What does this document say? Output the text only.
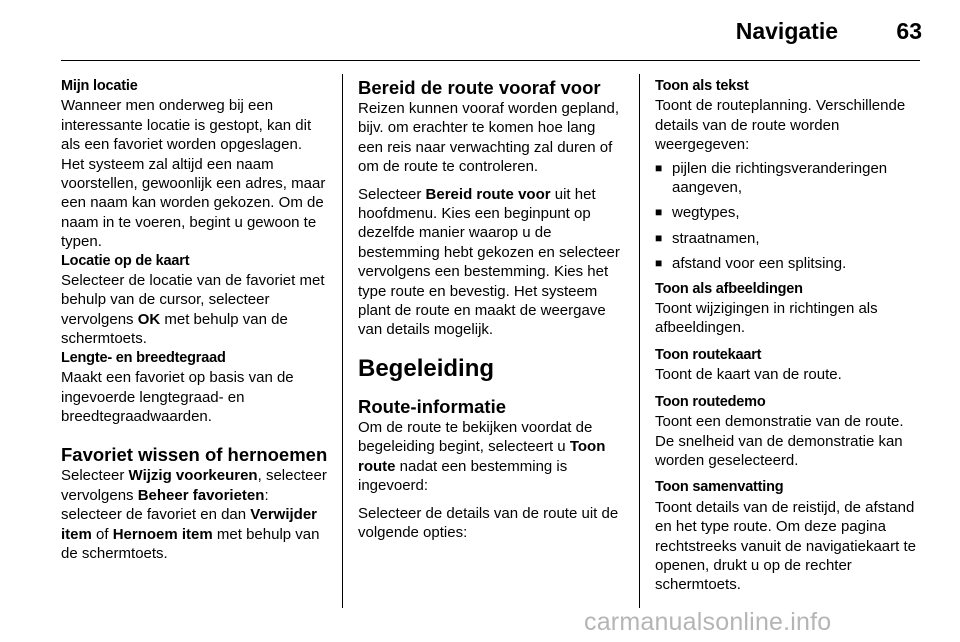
Navigatie	63
Mijn locatie

Wanneer men onderweg bij een interessante locatie is gestopt, kan dit als een favoriet worden opgeslagen. Het systeem zal altijd een naam voorstellen, gewoonlijk een adres, maar een naam kan worden gekozen. Om de naam in te voeren, begint u gewoon te typen.

Locatie op de kaart

Selecteer de locatie van de favoriet met behulp van de cursor, selecteer vervolgens OK met behulp van de schermtoets.

Lengte- en breedtegraad

Maakt een favoriet op basis van de ingevoerde lengtegraad- en breedtegraadwaarden.

Favoriet wissen of hernoemen

Selecteer Wijzig voorkeuren, selecteer vervolgens Beheer favorieten: selecteer de favoriet en dan Verwijder item of Hernoem item met behulp van de schermtoets.

Bereid de route vooraf voor

Reizen kunnen vooraf worden gepland, bijv. om erachter te komen hoe lang een reis naar verwachting zal duren of om de route te controleren.

Selecteer Bereid route voor uit het hoofdmenu. Kies een beginpunt op dezelfde manier waarop u de bestemming hebt gekozen en selecteer vervolgens een bestemming. Kies het type route en bevestig. Het systeem plant de route en maakt de weergave van details mogelijk.

Begeleiding
Route-informatie

Om de route te bekijken voordat de begeleiding begint, selecteert u Toon route nadat een bestemming is ingevoerd:

Selecteer de details van de route uit de volgende opties:

Toon als tekst

Toont de routeplanning. Verschillende details van de route worden weergegeven:

■ pijlen die richtingsveranderingen aangeven,
■ wegtypes,
■ straatnamen,
■ afstand voor een splitsing.
Toon als afbeeldingen

Toont wijzigingen in richtingen als afbeeldingen.

Toon routekaart

Toont de kaart van de route.

Toon routedemo

Toont een demonstratie van de route. De snelheid van de demonstratie kan worden geselecteerd.

Toon samenvatting

Toont details van de reistijd, de afstand en het type route. Om deze pagina rechtstreeks vanuit de navigatiekaart te openen, drukt u op de rechter schermtoets.

carmanualsonline.info
